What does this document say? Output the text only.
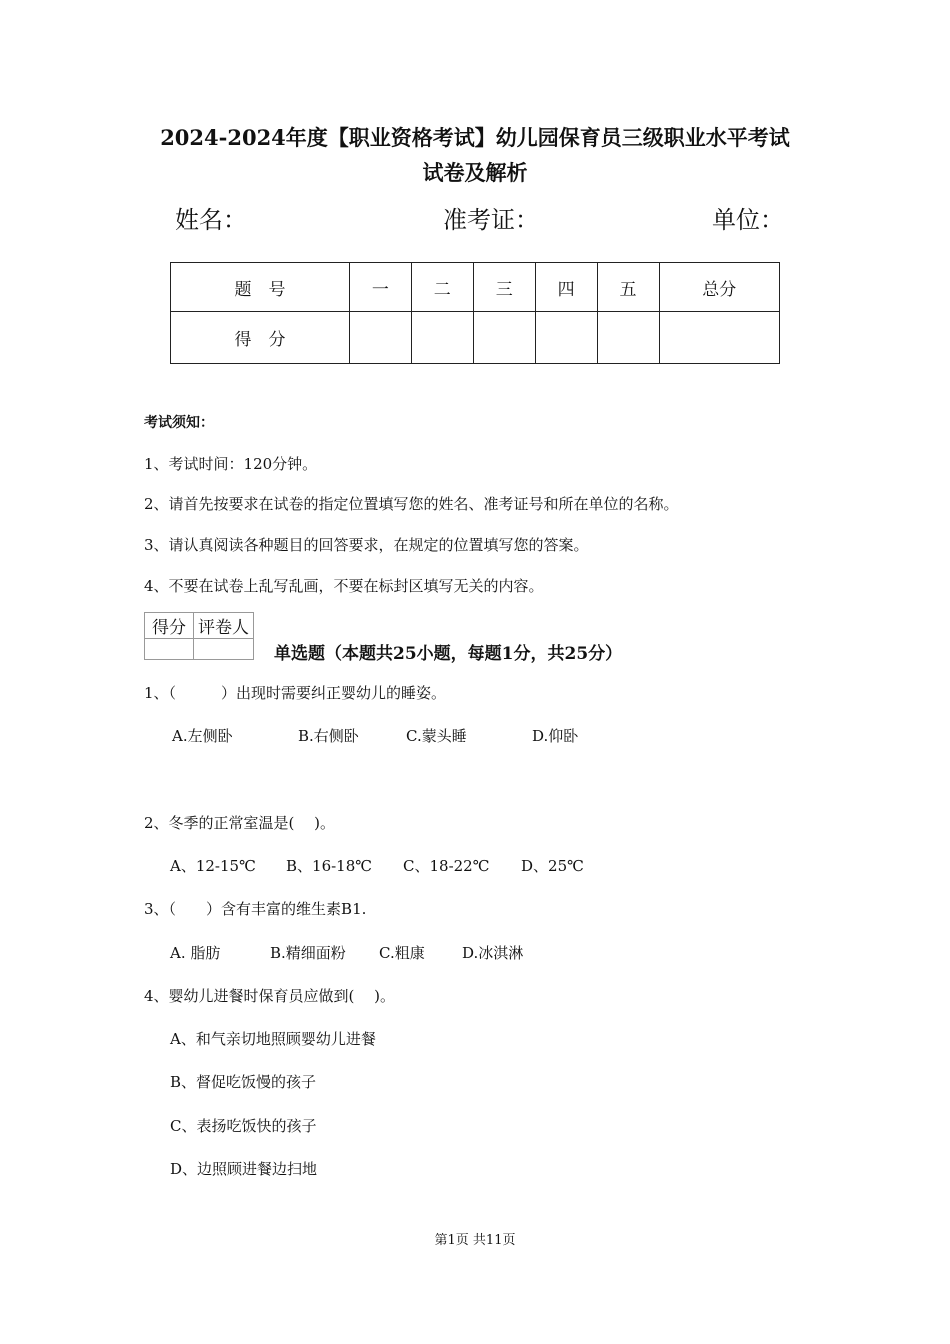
2024-2024年度【职业资格考试】幼儿园保育员三级职业水平考试
试卷及解析
姓名：	准考证：	单位：
题　号	一	二	三	四	五	总分
得　分						
考试须知：
1、考试时间：120分钟。
2、请首先按要求在试卷的指定位置填写您的姓名、准考证号和所在单位的名称。
3、请认真阅读各种题目的回答要求，在规定的位置填写您的答案。
4、不要在试卷上乱写乱画，不要在标封区填写无关的内容。
得分	评卷人

单选题（本题共25小题，每题1分，共25分）
1、（　　　）出现时需要纠正婴幼儿的睡姿。
A.左侧卧	B.右侧卧	C.蒙头睡	D.仰卧
2、冬季的正常室温是(　 )。
A、12-15℃ B、16-18℃ C、18-22℃ D、25℃
3、（　　）含有丰富的维生素B1.
A. 脂肪	B.精细面粉 C.粗康 D.冰淇淋
4、婴幼儿进餐时保育员应做到(　 )。
A、和气亲切地照顾婴幼儿进餐
B、督促吃饭慢的孩子
C、表扬吃饭快的孩子
D、边照顾进餐边扫地
第1页 共11页
